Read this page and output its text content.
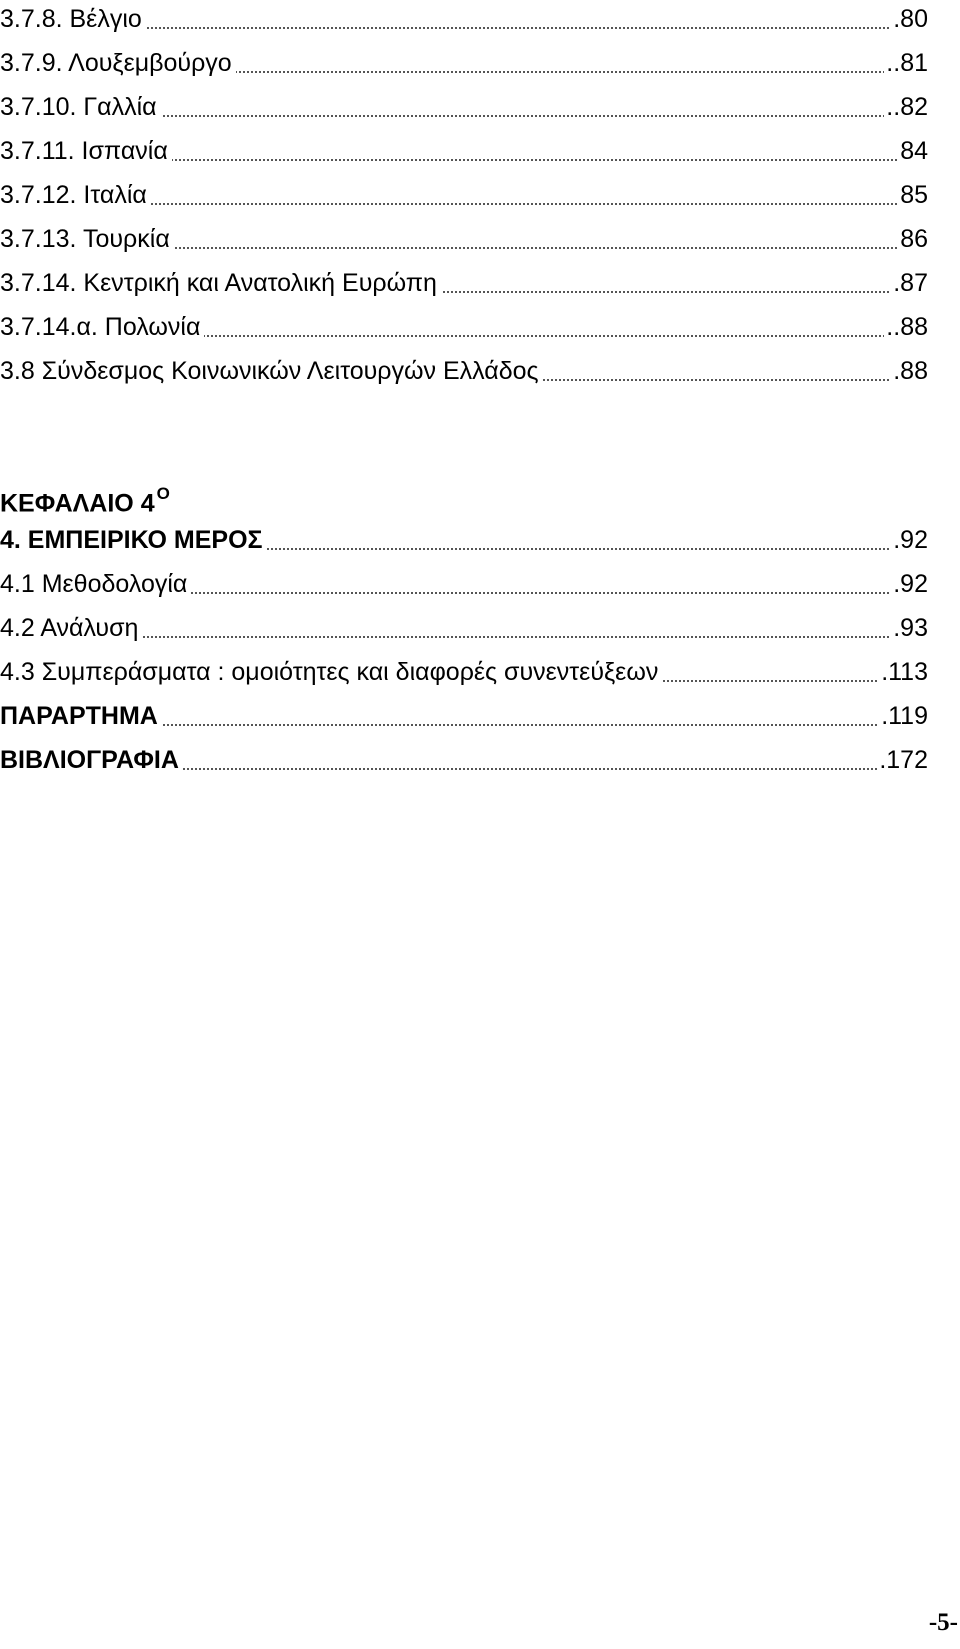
3.7.8. Βέλγιο	.80
3.7.9. Λουξεμβούργο	..81
3.7.10. Γαλλία	..82
3.7.11. Ισπανία	84
3.7.12. Ιταλία	85
3.7.13. Τουρκία	86
3.7.14. Κεντρική και Ανατολική Ευρώπη	.87
3.7.14.α. Πολωνία	..88
3.8 Σύνδεσμος Κοινωνικών Λειτουργών Ελλάδος	.88
ΚΕΦΑΛΑΙΟ 4 $^O$
4. ΕΜΠΕΙΡΙΚΟ ΜΕΡΟΣ	.92
4.1 Μεθοδολογία	.92
4.2 Ανάλυση	.93
4.3 Συμπεράσματα : ομοιότητες και διαφορές συνεντεύξεων	.113
ΠΑΡΑΡΤΗΜΑ	.119
ΒΙΒΛΙΟΓΡΑΦΙΑ	.172
-5-
